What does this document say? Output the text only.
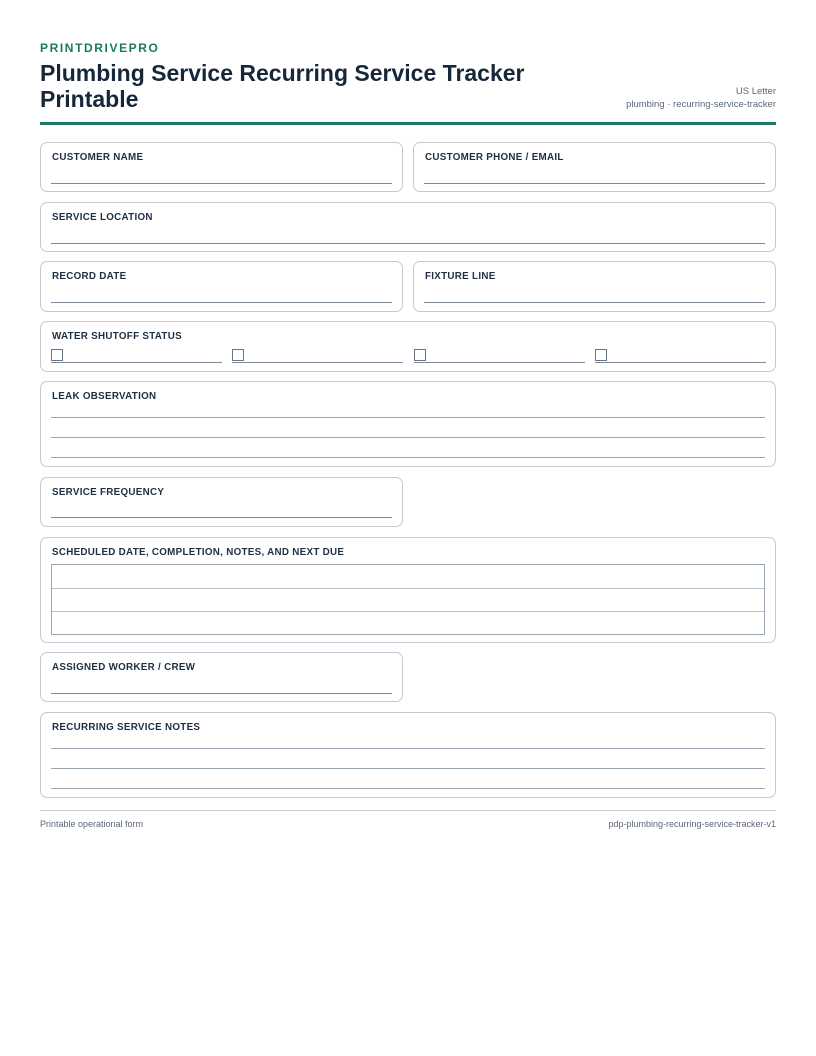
PRINTDRIVEPRO
Plumbing Service Recurring Service Tracker Printable	US Letter
plumbing · recurring-service-tracker
CUSTOMER NAME	CUSTOMER PHONE / EMAIL
SERVICE LOCATION
RECORD DATE	FIXTURE LINE
WATER SHUTOFF STATUS
LEAK OBSERVATION
SERVICE FREQUENCY
SCHEDULED DATE, COMPLETION, NOTES, AND NEXT DUE
ASSIGNED WORKER / CREW
RECURRING SERVICE NOTES
Printable operational form	pdp-plumbing-recurring-service-tracker-v1
